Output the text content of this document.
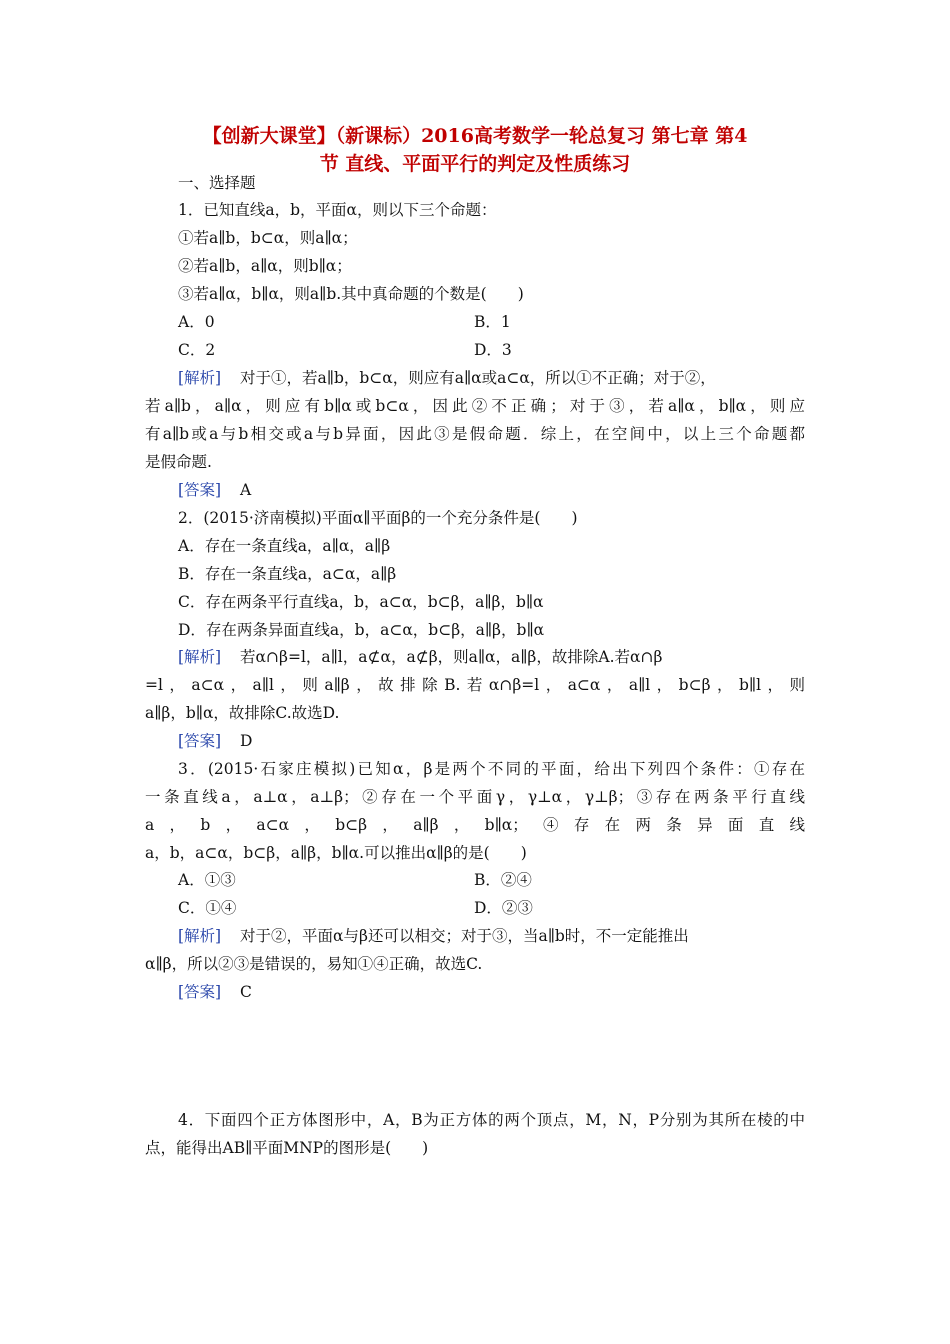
【创新大课堂】（新课标）2016高考数学一轮总复习 第七章 第4
节 直线、平面平行的判定及性质练习
一、选择题
1．已知直线a，b，平面α，则以下三个命题：
①若a∥b，b⊂α，则a∥α；
②若a∥b，a∥α，则b∥α；
③若a∥α，b∥α，则a∥b.其中真命题的个数是(　　)
A．0	B．1
C．2	D．3
[解析] 对于①，若a∥b，b⊂α，则应有a∥α或a⊂α，所以①不正确；对于②，
若a∥b，a∥α，则应有b∥α或b⊂α，因此②不正确；对于③，若a∥α，b∥α，则应
有a∥b或a与b相交或a与b异面，因此③是假命题．综上，在空间中，以上三个命题都
是假命题.
[答案] A
2．(2015·济南模拟)平面α∥平面β的一个充分条件是(　　)
A．存在一条直线a，a∥α，a∥β
B．存在一条直线a，a⊂α，a∥β
C．存在两条平行直线a，b，a⊂α，b⊂β，a∥β，b∥α
D．存在两条异面直线a，b，a⊂α，b⊂β，a∥β，b∥α
[解析] 若α∩β=l，a∥l，a⊄α，a⊄β，则a∥α，a∥β，故排除A.若α∩β
=l，a⊂α，a∥l，则a∥β，故排除B.若α∩β=l，a⊂α，a∥l，b⊂β，b∥l，则
a∥β，b∥α，故排除C.故选D.
[答案] D
3．(2015·石家庄模拟)已知α，β是两个不同的平面，给出下列四个条件：①存在
一条直线a，a⊥α，a⊥β；②存在一个平面γ，γ⊥α，γ⊥β；③存在两条平行直线
a，b，a⊂α，b⊂β，a∥β，b∥α；④存在两条异面直线
a，b，a⊂α，b⊂β，a∥β，b∥α.可以推出α∥β的是(　　)
A．①③	B．②④
C．①④	D．②③
[解析] 对于②，平面α与β还可以相交；对于③，当a∥b时，不一定能推出
α∥β，所以②③是错误的，易知①④正确，故选C.
[答案] C
4．下面四个正方体图形中，A，B为正方体的两个顶点，M，N，P分别为其所在棱的中
点，能得出AB∥平面MNP的图形是(　　)
